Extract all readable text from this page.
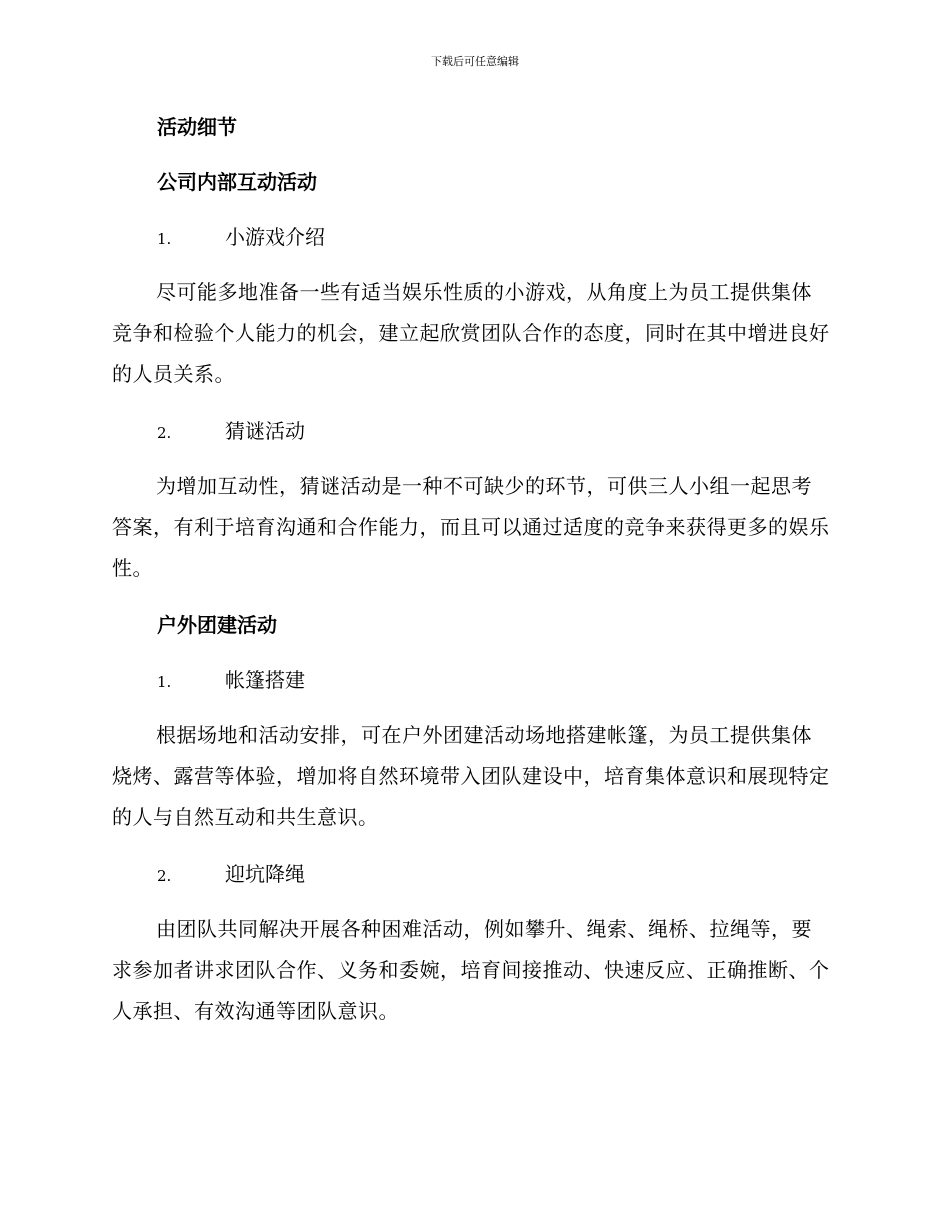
下载后可任意编辑
活动细节
公司内部互动活动
1.	小游戏介绍
尽可能多地准备一些有适当娱乐性质的小游戏，从角度上为员工提供集体竞争和检验个人能力的机会，建立起欣赏团队合作的态度，同时在其中增进良好的人员关系。
2.	猜谜活动
为增加互动性，猜谜活动是一种不可缺少的环节，可供三人小组一起思考答案，有利于培育沟通和合作能力，而且可以通过适度的竞争来获得更多的娱乐性。
户外团建活动
1.	帐篷搭建
根据场地和活动安排，可在户外团建活动场地搭建帐篷，为员工提供集体烧烤、露营等体验，增加将自然环境带入团队建设中，培育集体意识和展现特定的人与自然互动和共生意识。
2.	迎坑降绳
由团队共同解决开展各种困难活动，例如攀升、绳索、绳桥、拉绳等，要求参加者讲求团队合作、义务和委婉，培育间接推动、快速反应、正确推断、个人承担、有效沟通等团队意识。
